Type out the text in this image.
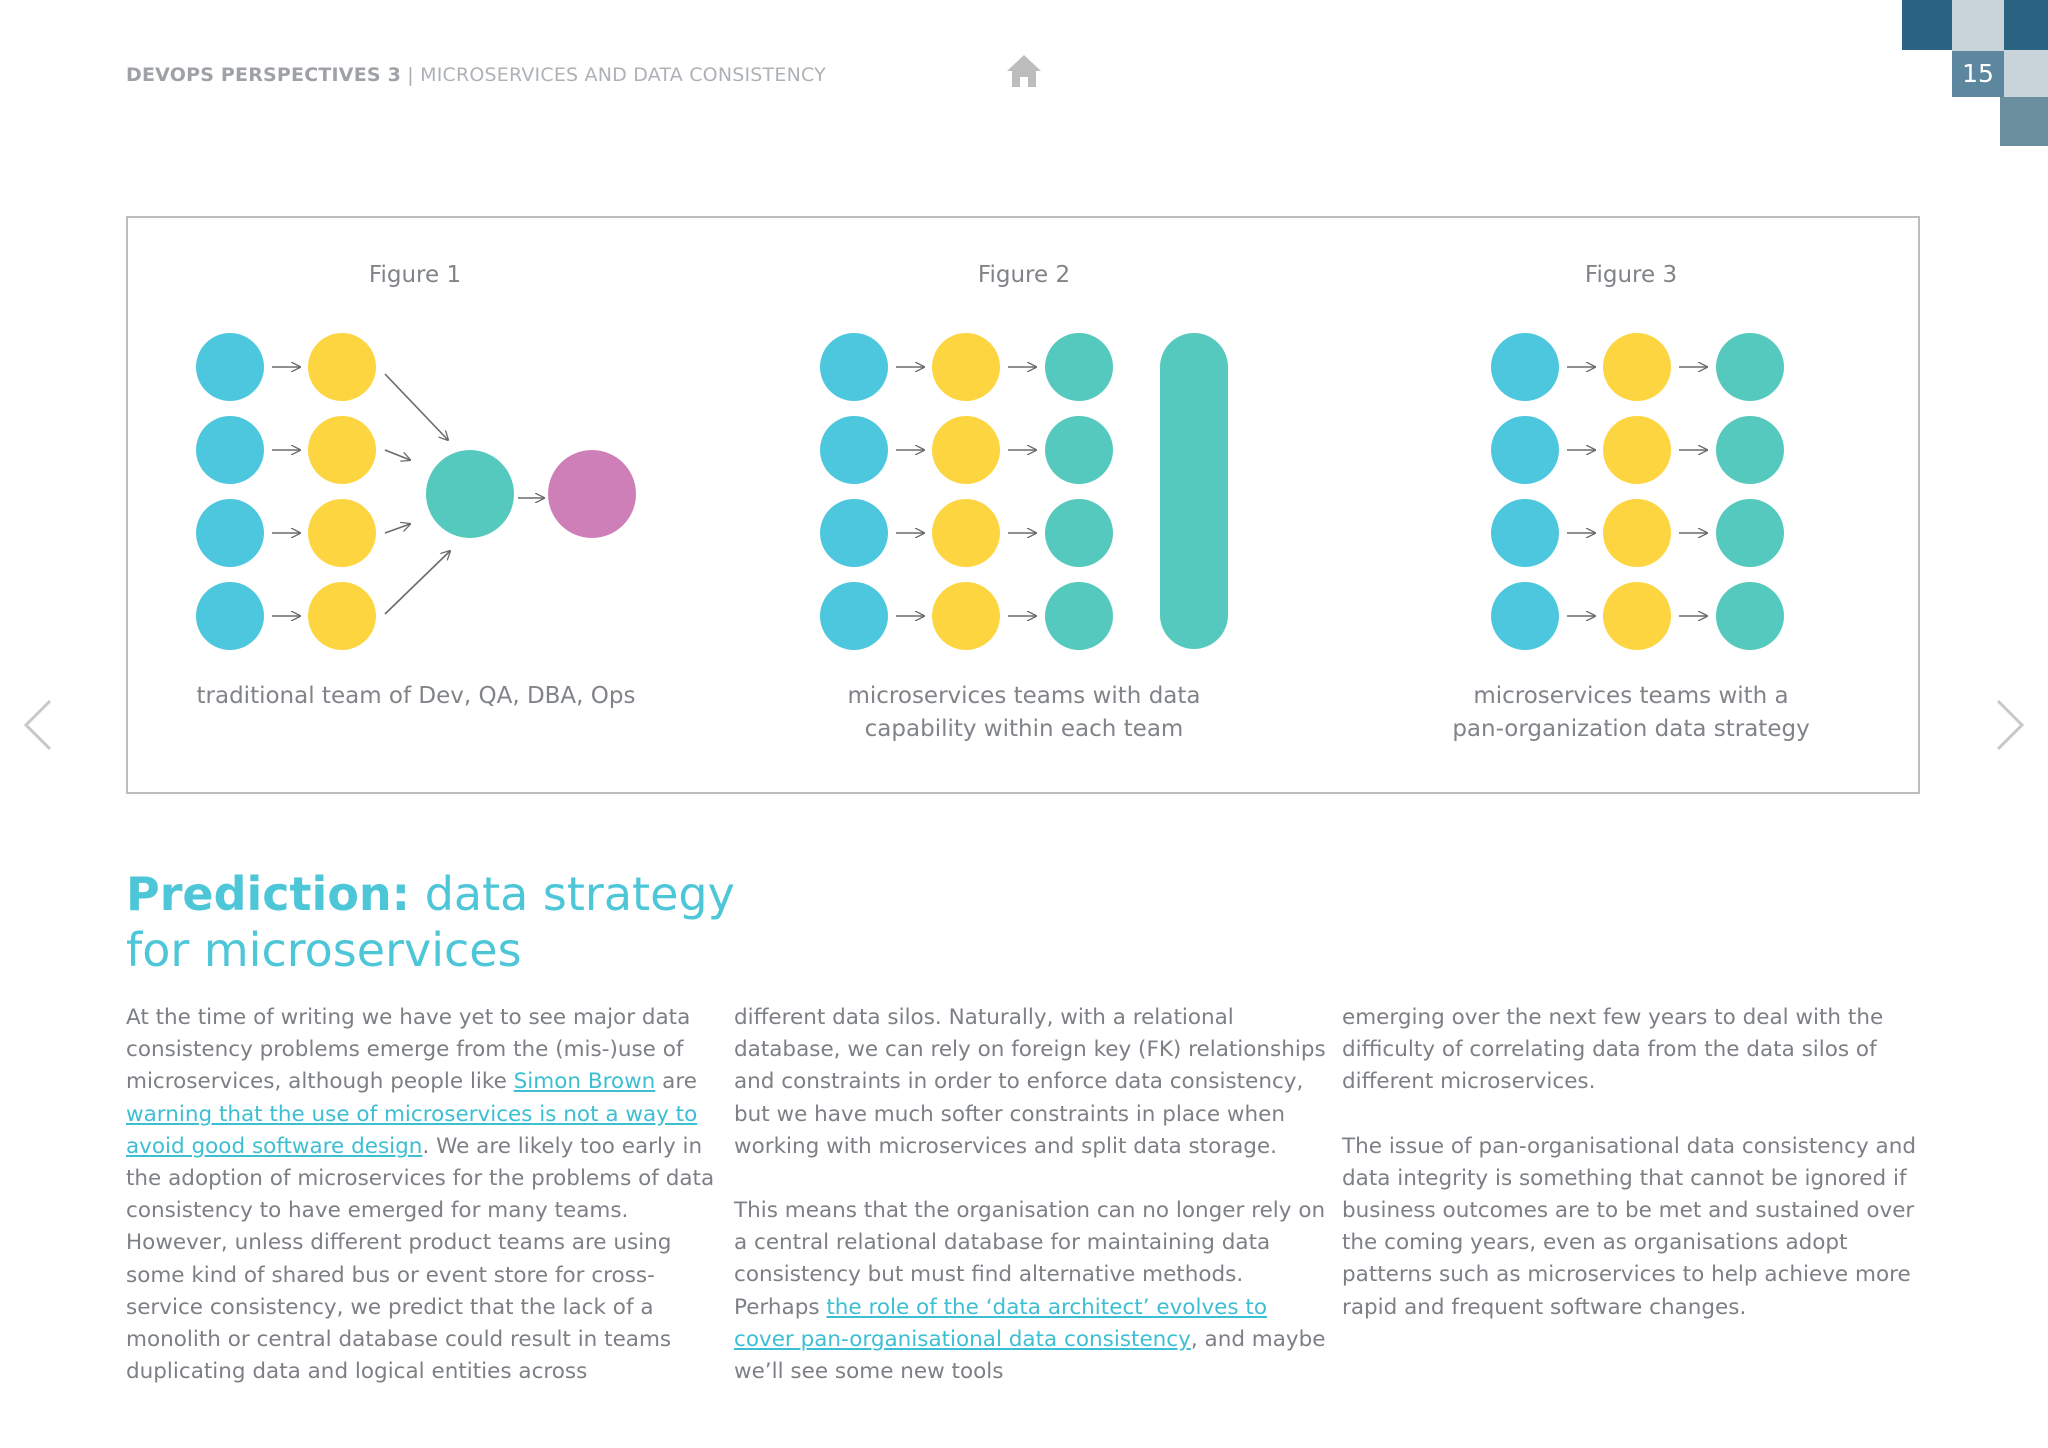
DEVOPS PERSPECTIVES 3 | MICROSERVICES AND DATA CONSISTENCY	15
Figure 1	Figure 2	Figure 3
traditional team of Dev, QA, DBA, Ops	microservices teams with data
capability within each team
microservices teams with a
pan-organization data strategy
Prediction: data strategy
for microservices

At the time of writing we have yet to see major data consistency problems emerge from the (mis-)use of microservices, although people like Simon Brown are warning that the use of microservices is not a way to avoid good software design. We are likely too early in the adoption of microservices for the problems of data consistency to have emerged for many teams. However, unless different product teams are using some kind of shared bus or event store for cross-service consistency, we predict that the lack of a monolith or central database could result in teams duplicating data and logical entities across

different data silos. Naturally, with a relational database, we can rely on foreign key (FK) relationships and constraints in order to enforce data consistency, but we have much softer constraints in place when working with microservices and split data storage.

This means that the organisation can no longer rely on a central relational database for maintaining data consistency but must find alternative methods. Perhaps the role of the ‘data architect’ evolves to cover pan-organisational data consistency, and maybe we’ll see some new tools

emerging over the next few years to deal with the difficulty of correlating data from the data silos of different microservices.

The issue of pan-organisational data consistency and data integrity is something that cannot be ignored if business outcomes are to be met and sustained over the coming years, even as organisations adopt patterns such as microservices to help achieve more rapid and frequent software changes.
